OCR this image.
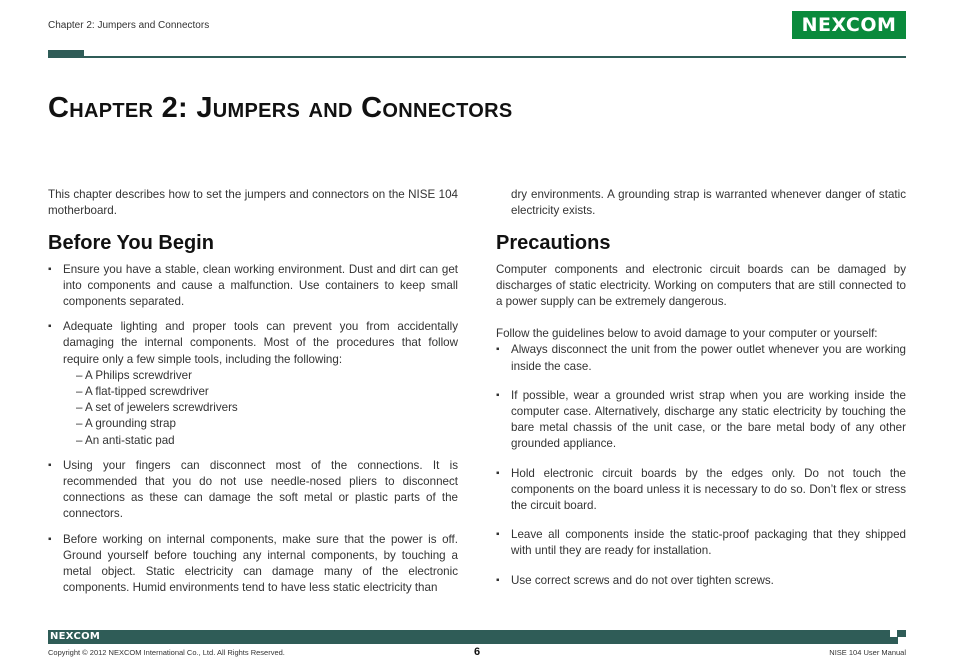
Chapter 2: Jumpers and Connectors	NEXCOM
Chapter 2: Jumpers and Connectors

This chapter describes how to set the jumpers and connectors on the NISE 104 motherboard.

Before You Begin
▪ Ensure you have a stable, clean working environment. Dust and dirt can get into components and cause a malfunction. Use containers to keep small components separated.
▪ Adequate lighting and proper tools can prevent you from accidentally damaging the internal components. Most of the procedures that follow require only a few simple tools, including the following:
– A Philips screwdriver
– A flat-tipped screwdriver
– A set of jewelers screwdrivers
– A grounding strap
– An anti-static pad
▪ Using your fingers can disconnect most of the connections. It is recommended that you do not use needle-nosed pliers to disconnect connections as these can damage the soft metal or plastic parts of the connectors.
▪ Before working on internal components, make sure that the power is off. Ground yourself before touching any internal components, by touching a metal object. Static electricity can damage many of the electronic components. Humid environments tend to have less static electricity than

dry environments. A grounding strap is warranted whenever danger of static electricity exists.

Precautions

Computer components and electronic circuit boards can be damaged by discharges of static electricity. Working on computers that are still connected to a power supply can be extremely dangerous.

Follow the guidelines below to avoid damage to your computer or yourself:

▪ Always disconnect the unit from the power outlet whenever you are working inside the case.
▪ If possible, wear a grounded wrist strap when you are working inside the computer case. Alternatively, discharge any static electricity by touching the bare metal chassis of the unit case, or the bare metal body of any other grounded appliance.
▪ Hold electronic circuit boards by the edges only. Do not touch the components on the board unless it is necessary to do so. Don’t flex or stress the circuit board.
▪ Leave all components inside the static-proof packaging that they shipped with until they are ready for installation.
▪ Use correct screws and do not over tighten screws.
NEXCOM
Copyright © 2012 NEXCOM International Co., Ltd. All Rights Reserved.	6	NISE 104 User Manual
